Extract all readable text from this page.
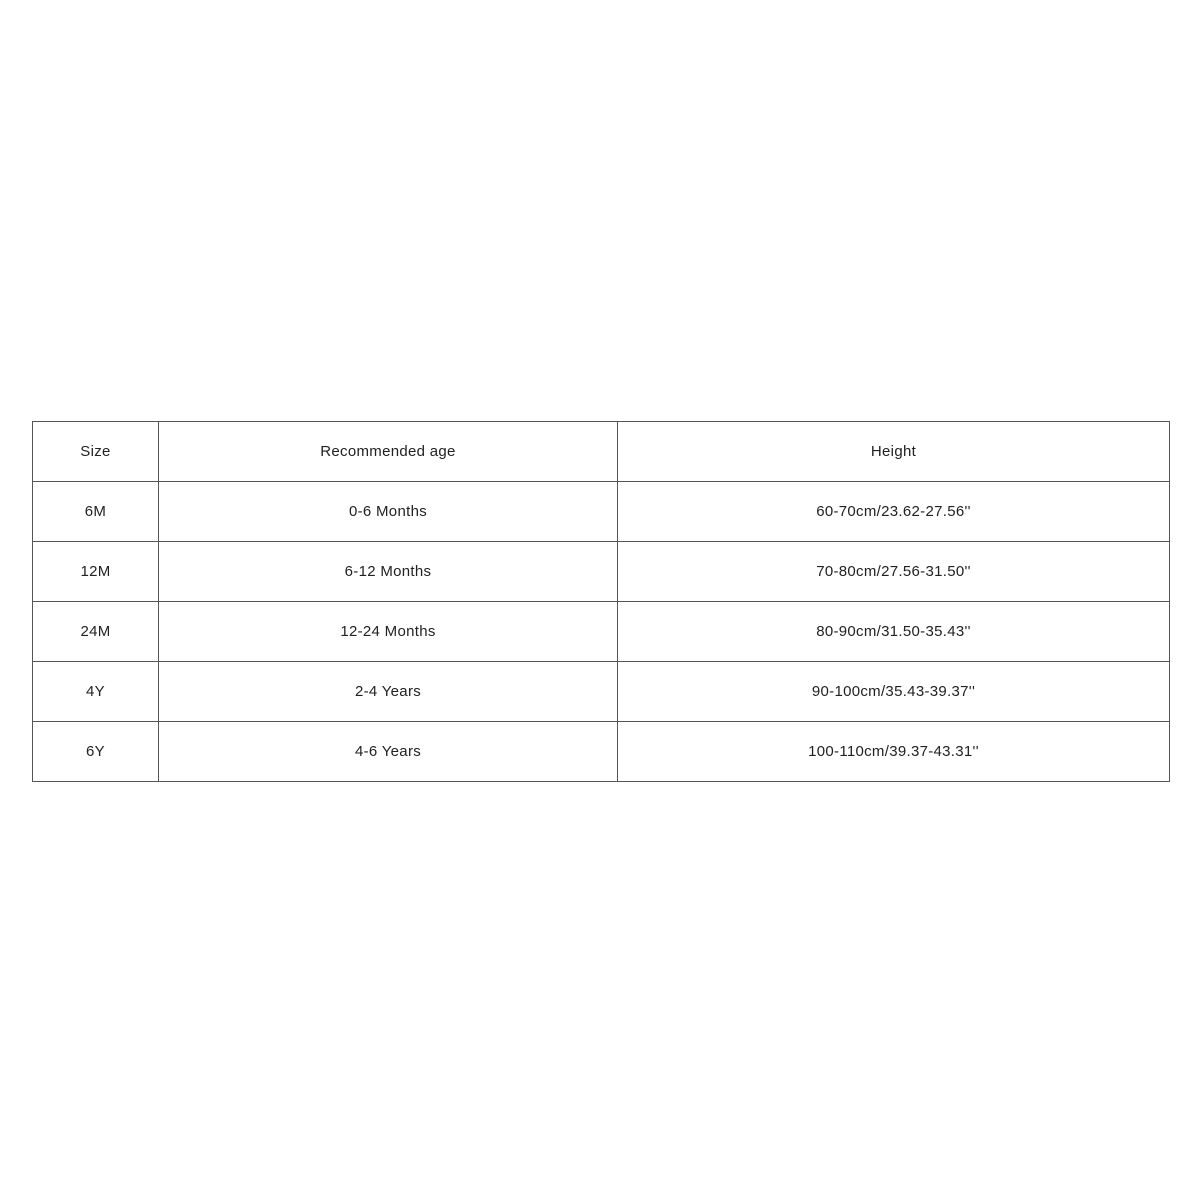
Size	Recommended age	Height
6M	0-6 Months	60-70cm/23.62-27.56''
12M	6-12 Months	70-80cm/27.56-31.50''
24M	12-24 Months	80-90cm/31.50-35.43''
4Y	2-4 Years	90-100cm/35.43-39.37''
6Y	4-6 Years	100-110cm/39.37-43.31''
